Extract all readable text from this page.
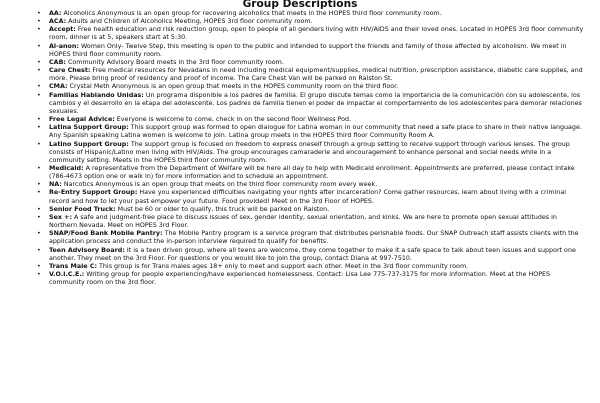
Group Descriptions
• AA: Alcoholics Anonymous is an open group for recovering alcoholics that meets in the HOPES third floor community room.
• ACA: Adults and Children of Alcoholics Meeting, HOPES 3rd floor community room.
• Accept: Free health education and risk reduction group, open to people of all genders living with HIV/AIDS and their loved ones. Located in HOPES 3rd floor community room, dinner is at 5, speakers start at 5:30.
• Al-anon: Women Only- Twelve Step, this meeting is open to the public and intended to support the friends and family of those affected by alcoholism. We meet in HOPES third floor community room.
• CAB: Community Advisory Board meets in the 3rd floor community room.
• Care Chest: Free medical resources for Nevadans in need including medical equipment/supplies, medical nutrition, prescription assistance, diabetic care supplies, and more. Please bring proof of residency and proof of income. The Care Chest Van will be parked on Ralston St.
• CMA: Crystal Meth Anonymous is an open group that meets in the HOPES community room on the third floor.
• Familias Hablando Unidas: Un programa disponible a los padres de familia. El grupo discute temas como la importancia de la comunicación con su adolescente, los cambios y el desarrollo en la etapa del adolescente. Los padres de familia tienen el poder de impactar el comportamiento de los adolescentes para demorar relaciones sexuales.
• Free Legal Advice: Everyone is welcome to come, check in on the second floor Wellness Pod.
• Latina Support Group: This support group was formed to open dialogue for Latina woman in our community that need a safe place to share in their native language. Any Spanish speaking Latina women is welcome to join. Latina group meets in the HOPES third floor Community Room A.
• Latino Support Group: The support group is focused on freedom to express oneself through a group setting to receive support through various lenses. The group consists of Hispanic/Latino men living with HIV/Aids. The group encourages camaraderie and encouragement to enhance personal and social needs while in a community setting. Meets in the HOPES third floor community room.
• Medicaid: A representative from the Department of Welfare will be here all day to help with Medicaid enrollment. Appointments are preferred, please contact Intake (786-4673 option one or walk in) for more information and to schedule an appointment.
• NA: Narcotics Anonymous is an open group that meets on the third floor community room every week.
• Re-Entry Support Group: Have you experienced difficulties navigating your rights after incarceration? Come gather resources, learn about living with a criminal record and how to let your past empower your future. Food provided! Meet on the 3rd Floor of HOPES.
• Senior Food Truck: Must be 60 or older to qualify, this truck will be parked on Ralston.
• Sex +: A safe and judgment-free place to discuss issues of sex, gender identity, sexual orientation, and kinks. We are here to promote open sexual attitudes in Northern Nevada. Meet on HOPES 3rd Floor.
• SNAP/Food Bank Mobile Pantry: The Mobile Pantry program is a service program that distributes perishable foods. Our SNAP Outreach staff assists clients with the application process and conduct the in-person interview required to qualify for benefits.
• Teen Advisory Board: It is a teen driven group, where all teens are welcome, they come together to make it a safe space to talk about teen issues and support one another. They meet on the 3rd Floor. For questions or you would like to join the group, contact Diana at 997-7510.
• Trans Male C: This group is for Trans males ages 18+ only to meet and support each other. Meet in the 3rd floor community room.
• V.O.I.C.E.: Writing group for people experiencing/have experienced homelessness. Contact: Lisa Lee 775-737-3175 for more information. Meet at the HOPES community room on the 3rd floor.
